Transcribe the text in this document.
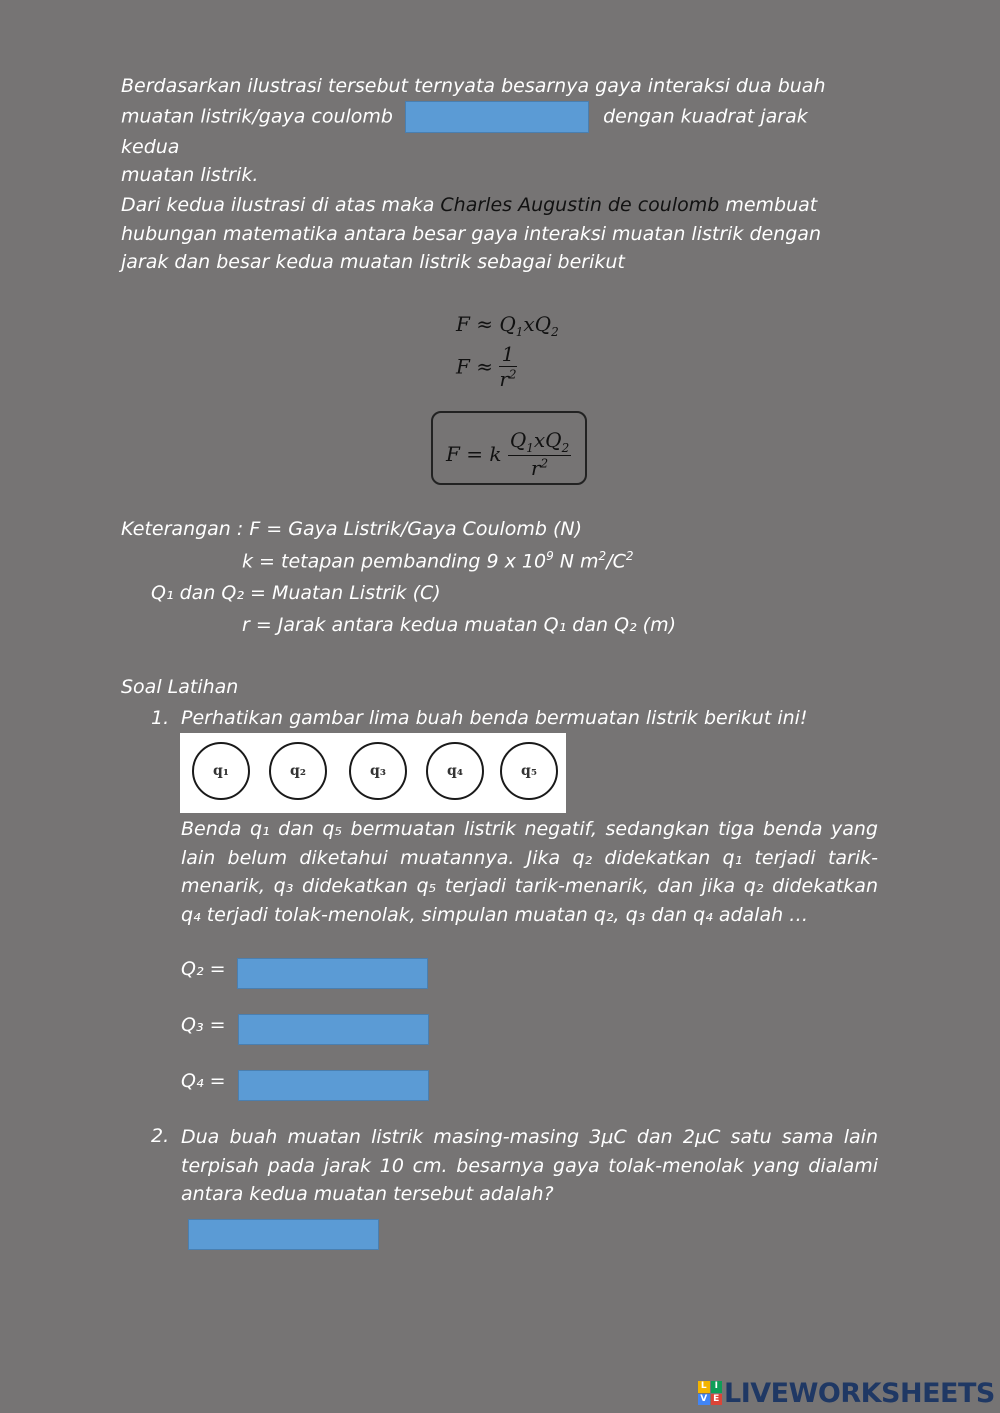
Berdasarkan ilustrasi tersebut ternyata besarnya gaya interaksi dua buah
muatan listrik/gaya coulomb	dengan kuadrat jarak kedua
muatan listrik.
Dari kedua ilustrasi di atas maka Charles Augustin de coulomb membuat hubungan matematika antara besar gaya interaksi muatan listrik dengan jarak dan besar kedua muatan listrik sebagai berikut
$F \approx Q_1xQ_2$
$F \approx \frac{1}{r^2}$
F = k $\frac{Q_1xQ_2}{r^2}$
Keterangan : F = Gaya Listrik/Gaya Coulomb (N)
k = tetapan pembanding 9 x $10^9$ N $m^2/C^2$
Q₁ dan Q₂ = Muatan Listrik (C)
r = Jarak antara kedua muatan Q₁ dan Q₂ (m)
Soal Latihan
1. Perhatikan gambar lima buah benda bermuatan listrik berikut ini!
q₁	q₂	q₃	q₄	q₅
Benda q₁ dan q₅ bermuatan listrik negatif, sedangkan tiga benda yang lain belum diketahui muatannya. Jika q₂ didekatkan q₁ terjadi tarik-menarik, q₃ didekatkan q₅ terjadi tarik-menarik, dan jika q₂ didekatkan q₄ terjadi tolak-menolak, simpulan muatan q₂, q₃ dan q₄ adalah …
Q₂ =
Q₃ =
Q₄ =
2. Dua buah muatan listrik masing-masing 3μC dan 2μC satu sama lain terpisah pada jarak 10 cm. besarnya gaya tolak-menolak yang dialami antara kedua muatan tersebut adalah?
L I
V E LIVEWORKSHEETS
